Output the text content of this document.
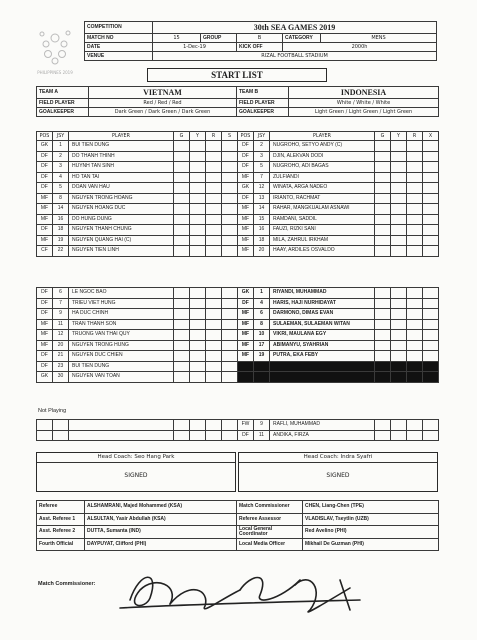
PHILIPPINES 2019
COMPETITION	30th SEA GAMES 2019				
MATCH NO	15	GROUP	B	CATEGORY	MENS
DATE	1-Dec-19		KICK OFF	2000h	
VENUE	RIZAL FOOTBALL STADIUM				
START LIST
TEAM A	VIETNAM	TEAM B	INDONESIA
FIELD PLAYER	Red / Red / Red	FIELD PLAYER	White / White / White
GOALKEEPER	Dark Green / Dark Green / Dark Green	GOALKEEPER	Light Green / Light Green / Light Green
POS	JSY	PLAYER	G	Y	R	S
GK	1	BUI TIEN DUNG				
DF	2	DO THANH THINH				
DF	3	HUYNH TAN SINH				
DF	4	HO TAN TAI				
DF	5	DOAN VAN HAU				
MF	8	NGUYEN TRONG HOANG				
MF	14	NGUYEN HOANG DUC				
MF	16	DO HUNG DUNG				
DF	18	NGUYEN THANH CHUNG				
MF	19	NGUYEN QUANG HAI (C)				
CF	22	NGUYEN TIEN LINH				
POS	JSY	PLAYER	G	Y	R	X
DF	2	NUGROHO, SETYO ANDY (C)				
DF	3	DJIN, ALEKVAN DODI				
DF	5	NUGROHO, ADI BAGAS				
MF	7	ZULFIANDI				
GK	12	WINATA, ARGA NADEO				
DF	13	IRIANTO, RACHMAT				
MF	14	RAHAR, MANGKUALAM ASNAWI				
MF	15	RAMDANI, SADDIL				
MF	16	FAUZI, RIZKI SANI				
MF	18	MILA, ZAHRUL IRKHAM				
MF	20	HAAY, ARDILES OSVALDO				
DF	6	LE NGOC BAO				
DF	7	TRIEU VIET HUNG				
DF	9	HA DUC CHINH				
MF	11	TRAN THANH SON				
MF	12	TRUONG VAN THAI QUY				
MF	20	NGUYEN TRONG HUNG				
DF	21	NGUYEN DUC CHIEN				
DF	23	BUI TIEN DUNG				
GK	30	NGUYEN VAN TOAN				
GK	1	RIYANDI, MUHAMMAD				
DF	4	HARIS, HAJI NURHIDAYAT				
MF	6	DARMONO, DIMAS EVAN				
MF	8	SULAEMAN, SULAEMAN WITAN				
MF	10	VIKRI, MAULANA EGY				
MF	17	ABIMANYU, SYAHRIAN				
MF	19	PUTRA, EKA FEBY				

FW	9	RAFLI, MUHAMMAD				
DF	11	ANDIKA, FIRZA				
Not Playing
Head Coach: Seo Hang Park
SIGNED
Head Coach: Indra Syafri
SIGNED
Referee	ALSHAMRANI, Majed Mohammed (KSA)	Match Commissioner	CHEN, Liang-Chen (TPE)
Asst. Referee 1	ALSULTAN, Yasir Abdullah (KSA)	Referee Assessor	VLADISLAV, Tseytlin (UZB)
Asst. Referee 2	DUTTA, Sumanta (IND)	Local General Coordinator	Red Avelino (PHI)
Fourth Official	DAYPUYAT, Clifford (PHI)	Local Media Officer	Mikhail De Guzman (PHI)
Match Commissioner:
